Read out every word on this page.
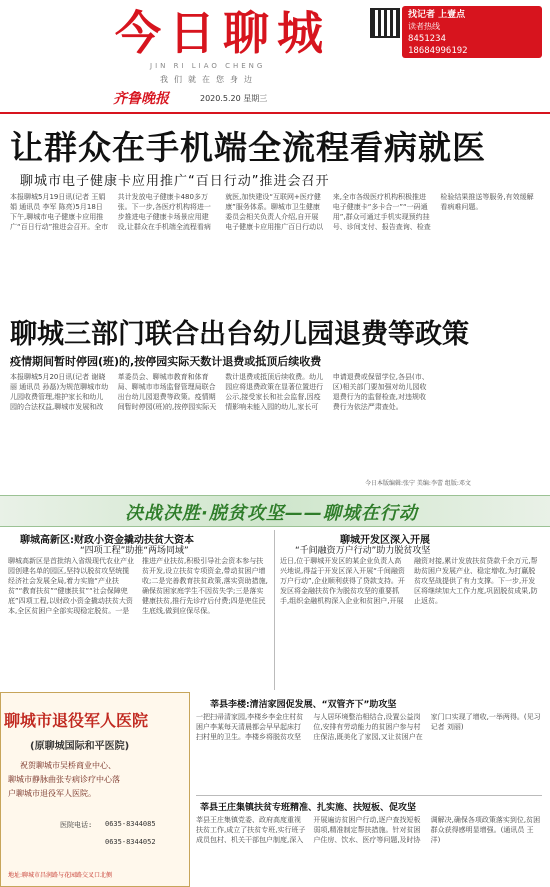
今日聊城
JIN RI LIAO CHENG
我们就在您身边
齐鲁晚报	2020.5.20 星期三
找记者 上壹点
读者热线
8451234
18684996192
让群众在手机端全流程看病就医
聊城市电子健康卡应用推广“百日行动”推进会召开
本报聊城5月19日讯(记者 王娟娟 通讯员 李军 陈亮)5月18日下午,聊城市电子健康卡应用推广“百日行动”推进会召开。全市共计发放电子健康卡480多万张。下一步,各医疗机构将进一步推进电子健康卡场景应用建设,让群众在手机端全流程看病就医,加快建设“互联网+医疗健康”服务体系。聊城市卫生健康委员会相关负责人介绍,自开展电子健康卡应用推广百日行动以来,全市各级医疗机构积极推进电子健康卡“多卡合一”“一码通用”,群众可通过手机实现预约挂号、诊间支付、报告查询、检查检验结果推送等服务,有效缓解看病难问题。
聊城三部门联合出台幼儿园退费等政策
疫情期间暂时停园(班)的,按停园实际天数计退费或抵顶后续收费
本报聊城5月20日讯(记者 谢晓丽 通讯员 孙磊)为规范聊城市幼儿园收费管理,维护家长和幼儿园的合法权益,聊城市发展和改革委员会、聊城市教育和体育局、聊城市市场监督管理局联合出台幼儿园退费等政策。疫情期间暂时停园(班)的,按停园实际天数计退费或抵顶后续收费。幼儿园应将退费政策在显著位置进行公示,接受家长和社会监督,因疫情影响未能入园的幼儿,家长可申请退费或保留学位,各县(市、区)相关部门要加强对幼儿园收退费行为的监督检查,对违规收费行为依法严肃查处。
今日本版编辑:张宁 美编:李蕾 组版:邓文
决战决胜·脱贫攻坚——聊城在行动
聊城高新区:财政小资金撬动扶贫大资本
“四项工程”助推“两场同域”
聊城高新区是首批纳入省级现代农业产业园创建名单的园区,坚持以脱贫攻坚统揽经济社会发展全局,着力实施“产业扶贫”“教育扶贫”“健康扶贫”“社会保障兜底”四项工程,以财政小资金撬动扶贫大资本,全区贫困户全部实现稳定脱贫。一是推进产业扶贫,积极引导社会资本参与扶贫开发,设立扶贫专项资金,带动贫困户增收;二是完善教育扶贫政策,落实资助措施,确保贫困家庭学生不因贫失学;三是落实健康扶贫,推行先诊疗后付费;四是兜住民生底线,做到应保尽保。
聊城开发区深入开展
“千间融资万户行动”助力脱贫攻坚
近日,位于聊城开发区的某企业负责人高兴地说,得益于开发区深入开展“千间融资万户行动”,企业顺利获得了贷款支持。开发区将金融扶贫作为脱贫攻坚的重要抓手,组织金融机构深入企业和贫困户,开展融资对接,累计发放扶贫贷款千余万元,帮助贫困户发展产业、稳定增收,为打赢脱贫攻坚战提供了有力支撑。下一步,开发区将继续加大工作力度,巩固脱贫成果,防止返贫。
聊城市退役军人医院
(原聊城国际和平医院)
祝贺聊城市吴桥商业中心、
聊城市静脉曲张专病诊疗中心落
户聊城市退役军人医院。
医院电话: 0635-8344085
0635-8344052
地址:聊城市昌润路与花园路交叉口北侧
莘县李楼:清洁家园促发展、“双管齐下”助攻坚
一把扫帚清家园,李楼乡李金庄村贫困户李某每天清晨都会早早起床打扫村里的卫生。李楼乡将脱贫攻坚与人居环境整治相结合,设置公益岗位,安排有劳动能力的贫困户参与村庄保洁,既美化了家园,又让贫困户在家门口实现了增收,一举两得。(见习记者 刘丽)
莘县王庄集镇扶贫专班精准、扎实施、扶短板、促攻坚
莘县王庄集镇党委、政府高度重视扶贫工作,成立了扶贫专班,实行班子成员包村、机关干部包户制度,深入开展遍访贫困户行动,逐户查找短板弱项,精准制定帮扶措施。针对贫困户住房、饮水、医疗等问题,及时协调解决,确保各项政策落实到位,贫困群众获得感明显增强。(通讯员 王洋)
